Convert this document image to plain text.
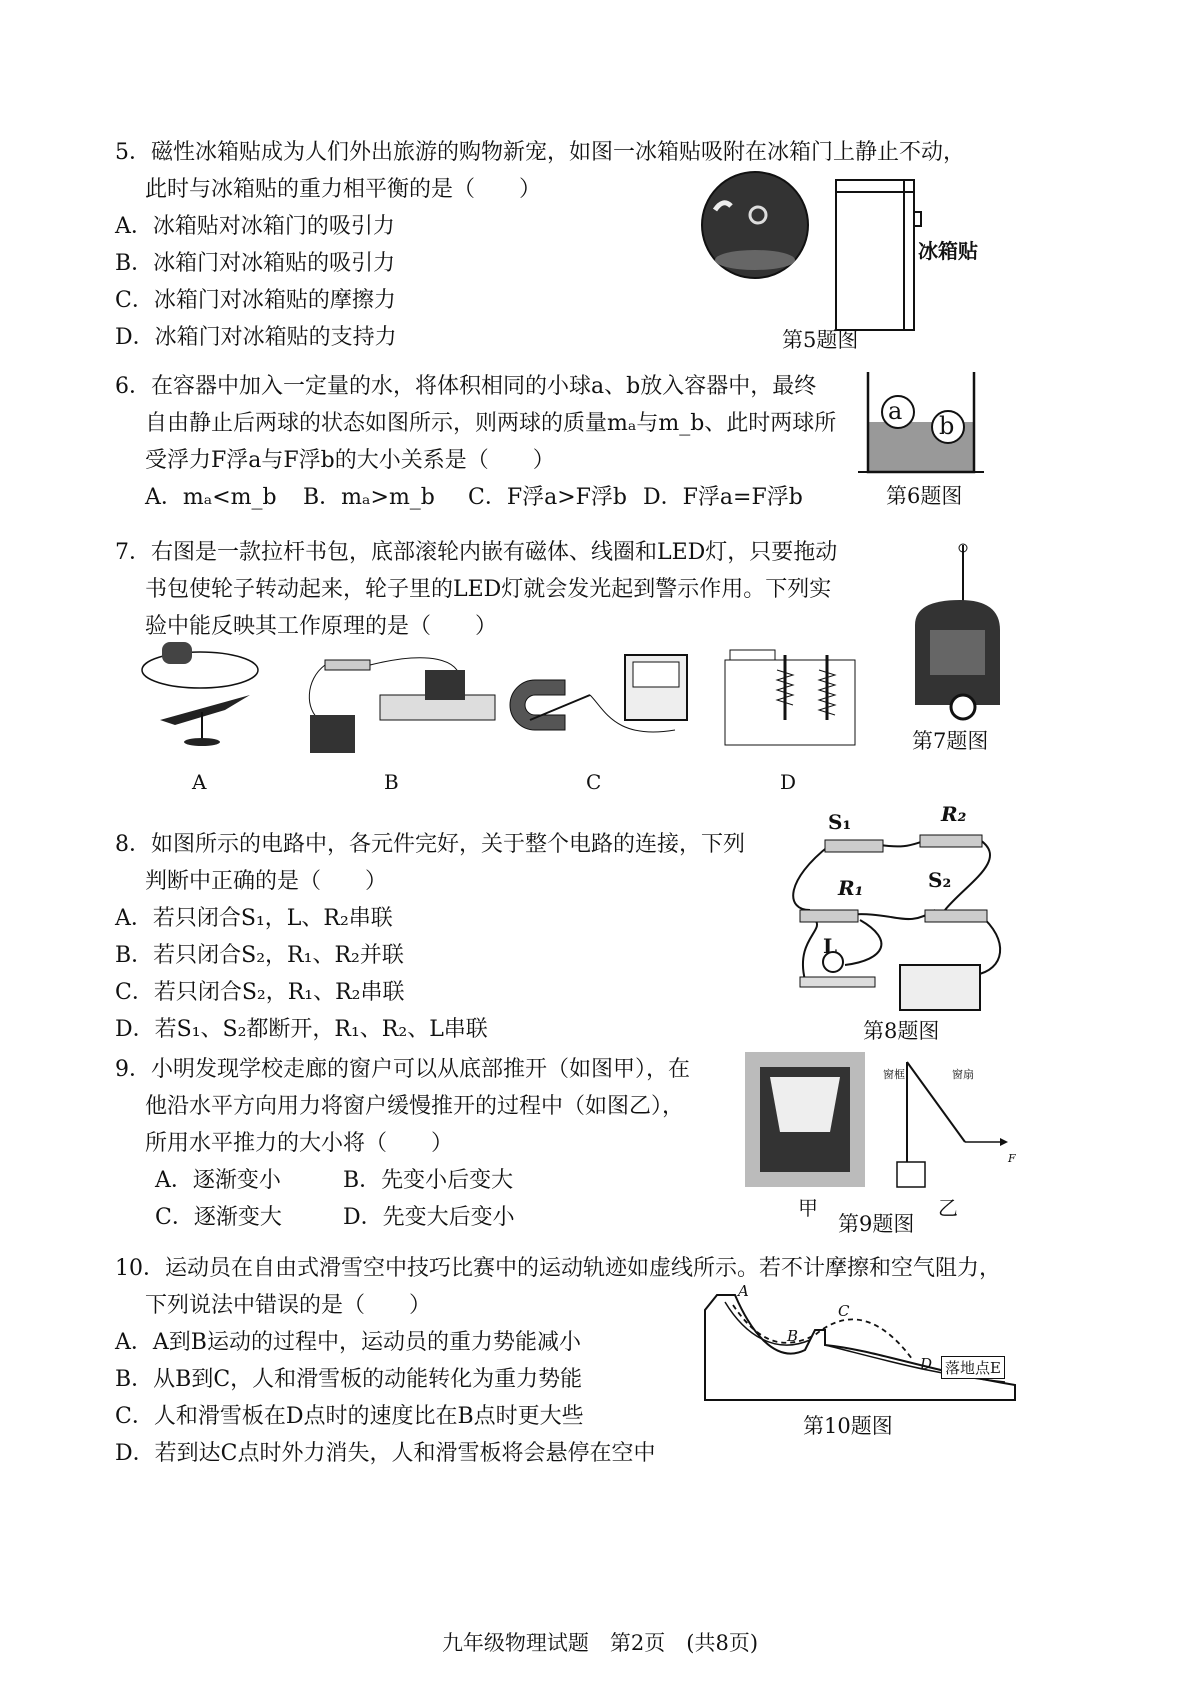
5．磁性冰箱贴成为人们外出旅游的购物新宠，如图一冰箱贴吸附在冰箱门上静止不动，

此时与冰箱贴的重力相平衡的是（　　）

A．冰箱贴对冰箱门的吸引力

B．冰箱门对冰箱贴的吸引力

C．冰箱门对冰箱贴的摩擦力

D．冰箱门对冰箱贴的支持力

冰箱贴
第5题图

6．在容器中加入一定量的水，将体积相同的小球a、b放入容器中，最终

自由静止后两球的状态如图所示，则两球的质量mₐ与m_b、此时两球所

受浮力F浮a与F浮b的大小关系是（　　）

A．mₐ<m_b	B．mₐ>m_b	C．F浮a>F浮b D．F浮a=F浮b
a
b
第6题图

7．右图是一款拉杆书包，底部滚轮内嵌有磁体、线圈和LED灯，只要拖动

书包使轮子转动起来，轮子里的LED灯就会发光起到警示作用。下列实

验中能反映其工作原理的是（　　）

A	B	C	D
第7题图

8．如图所示的电路中，各元件完好，关于整个电路的连接，下列

判断中正确的是（　　）

A．若只闭合S₁，L、R₂串联

B．若只闭合S₂，R₁、R₂并联

C．若只闭合S₂，R₁、R₂串联

D．若S₁、S₂都断开，R₁、R₂、L串联

S₁	R₂
R₁	S₂
L
第8题图

9．小明发现学校走廊的窗户可以从底部推开（如图甲），在

他沿水平方向用力将窗户缓慢推开的过程中（如图乙），

所用水平推力的大小将（　　）

A．逐渐变小	B．先变小后变大
C．逐渐变大	D．先变大后变小
窗框	窗扇
F
甲	乙
第9题图

10．运动员在自由式滑雪空中技巧比赛中的运动轨迹如虚线所示。若不计摩擦和空气阻力，

下列说法中错误的是（　　）

A．A到B运动的过程中，运动员的重力势能减小

B．从B到C，人和滑雪板的动能转化为重力势能

C．人和滑雪板在D点时的速度比在B点时更大些

D．若到达C点时外力消失，人和滑雪板将会悬停在空中

A
B
C
D 落地点E
第10题图
九年级物理试题　第2页　(共8页)
